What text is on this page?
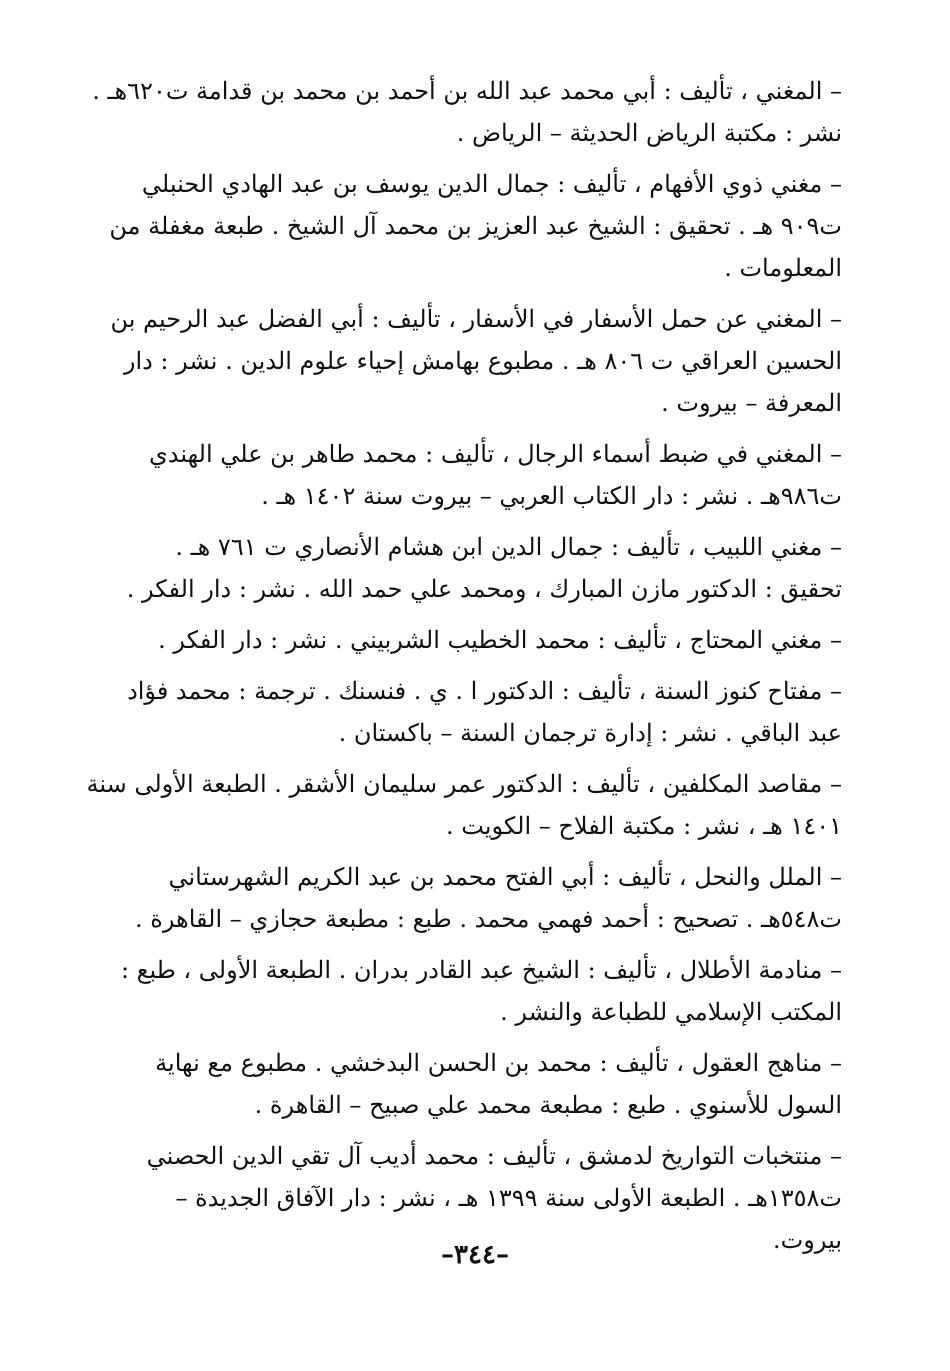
– المغني ، تأليف : أبي محمد عبد الله بن أحمد بن محمد بن قدامة ت٦٢٠هـ .
نشر : مكتبة الرياض الحديثة – الرياض .
– مغني ذوي الأفهام ، تأليف : جمال الدين يوسف بن عبد الهادي الحنبلي
ت٩٠٩ هـ . تحقيق : الشيخ عبد العزيز بن محمد آل الشيخ . طبعة مغفلة من
المعلومات .
– المغني عن حمل الأسفار في الأسفار ، تأليف : أبي الفضل عبد الرحيم بن
الحسين العراقي ت ٨٠٦ هـ . مطبوع بهامش إحياء علوم الدين . نشر : دار
المعرفة – بيروت .
– المغني في ضبط أسماء الرجال ، تأليف : محمد طاهر بن علي الهندي
ت٩٨٦هـ . نشر : دار الكتاب العربي – بيروت سنة ١٤٠٢ هـ .
– مغني اللبيب ، تأليف : جمال الدين ابن هشام الأنصاري ت ٧٦١ هـ .
تحقيق : الدكتور مازن المبارك ، ومحمد علي حمد الله . نشر : دار الفكر .
– مغني المحتاج ، تأليف : محمد الخطيب الشربيني . نشر : دار الفكر .
– مفتاح كنوز السنة ، تأليف : الدكتور ا . ي . فنسنك . ترجمة : محمد فؤاد
عبد الباقي . نشر : إدارة ترجمان السنة – باكستان .
– مقاصد المكلفين ، تأليف : الدكتور عمر سليمان الأشقر . الطبعة الأولى سنة
١٤٠١ هـ ، نشر : مكتبة الفلاح – الكويت .
– الملل والنحل ، تأليف : أبي الفتح محمد بن عبد الكريم الشهرستاني
ت٥٤٨هـ . تصحيح : أحمد فهمي محمد . طبع : مطبعة حجازي – القاهرة .
– منادمة الأطلال ، تأليف : الشيخ عبد القادر بدران . الطبعة الأولى ، طبع :
المكتب الإسلامي للطباعة والنشر .
– مناهج العقول ، تأليف : محمد بن الحسن البدخشي . مطبوع مع نهاية
السول للأسنوي . طبع : مطبعة محمد علي صبيح – القاهرة .
– منتخبات التواريخ لدمشق ، تأليف : محمد أديب آل تقي الدين الحصني
ت١٣٥٨هـ . الطبعة الأولى سنة ١٣٩٩ هـ ، نشر : دار الآفاق الجديدة –
بيروت.
–٣٤٤–
